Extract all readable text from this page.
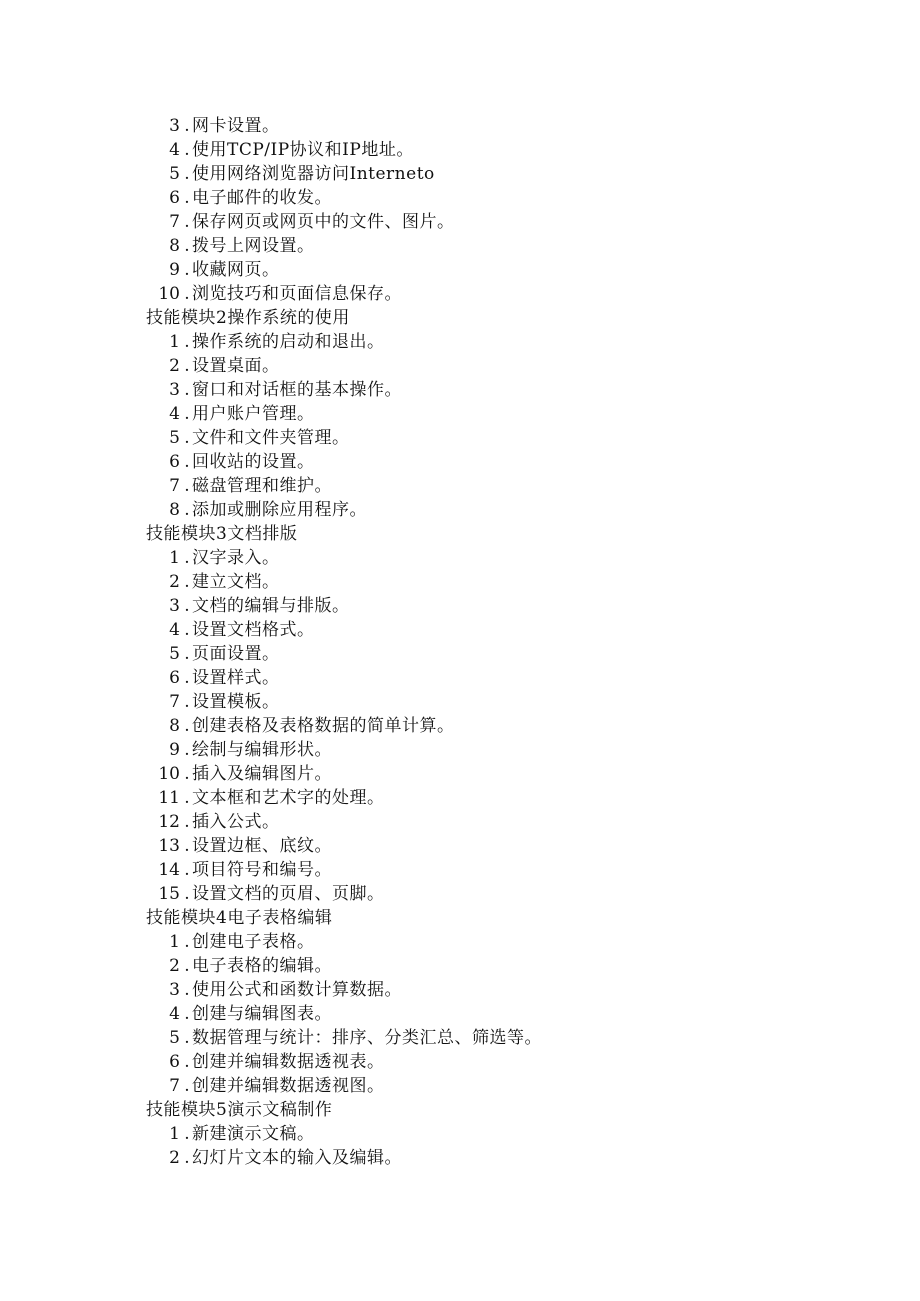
3 . 网卡设置。
4 . 使用TCP/IP协议和IP地址。
5 . 使用网络浏览器访问Interneto
6 . 电子邮件的收发。
7 . 保存网页或网页中的文件、图片。
8 . 拨号上网设置。
9 . 收藏网页。
10 . 浏览技巧和页面信息保存。
技能模块2操作系统的使用
1 . 操作系统的启动和退出。
2 . 设置桌面。
3 . 窗口和对话框的基本操作。
4 . 用户账户管理。
5 . 文件和文件夹管理。
6 . 回收站的设置。
7 . 磁盘管理和维护。
8 . 添加或删除应用程序。
技能模块3文档排版
1 . 汉字录入。
2 . 建立文档。
3 . 文档的编辑与排版。
4 . 设置文档格式。
5 . 页面设置。
6 . 设置样式。
7 . 设置模板。
8 . 创建表格及表格数据的简单计算。
9 . 绘制与编辑形状。
10 . 插入及编辑图片。
11 . 文本框和艺术字的处理。
12 . 插入公式。
13 . 设置边框、底纹。
14 . 项目符号和编号。
15 . 设置文档的页眉、页脚。
技能模块4电子表格编辑
1 . 创建电子表格。
2 . 电子表格的编辑。
3 . 使用公式和函数计算数据。
4 . 创建与编辑图表。
5 . 数据管理与统计：排序、分类汇总、筛选等。
6 . 创建并编辑数据透视表。
7 . 创建并编辑数据透视图。
技能模块5演示文稿制作
1 . 新建演示文稿。
2 . 幻灯片文本的输入及编辑。
